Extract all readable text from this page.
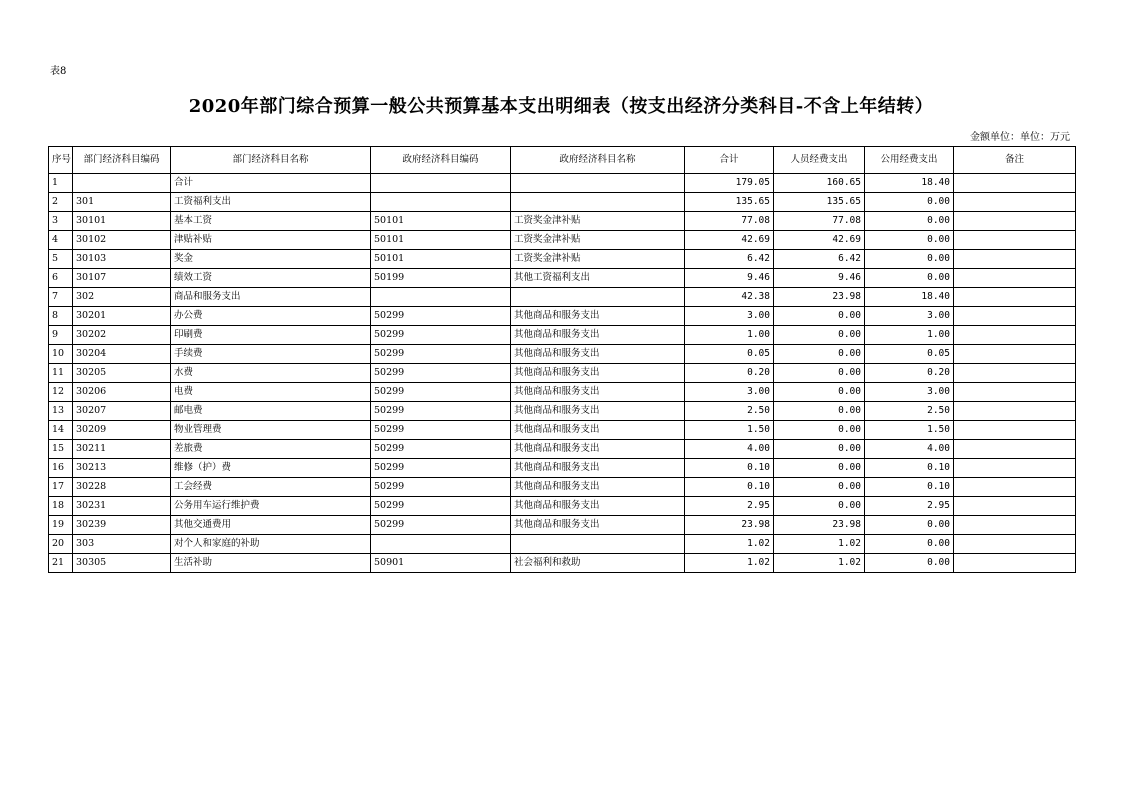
表8
2020年部门综合预算一般公共预算基本支出明细表（按支出经济分类科目-不含上年结转）
金额单位：单位：万元
序号	部门经济科目编码	部门经济科目名称	政府经济科目编码	政府经济科目名称	合计	人员经费支出	公用经费支出	备注
1		合计			179.05	160.65	18.40	
2	301	工资福利支出			135.65	135.65	0.00	
3	30101	基本工资	50101	工资奖金津补贴	77.08	77.08	0.00	
4	30102	津贴补贴	50101	工资奖金津补贴	42.69	42.69	0.00	
5	30103	奖金	50101	工资奖金津补贴	6.42	6.42	0.00	
6	30107	绩效工资	50199	其他工资福利支出	9.46	9.46	0.00	
7	302	商品和服务支出			42.38	23.98	18.40	
8	30201	办公费	50299	其他商品和服务支出	3.00	0.00	3.00	
9	30202	印刷费	50299	其他商品和服务支出	1.00	0.00	1.00	
10	30204	手续费	50299	其他商品和服务支出	0.05	0.00	0.05	
11	30205	水费	50299	其他商品和服务支出	0.20	0.00	0.20	
12	30206	电费	50299	其他商品和服务支出	3.00	0.00	3.00	
13	30207	邮电费	50299	其他商品和服务支出	2.50	0.00	2.50	
14	30209	物业管理费	50299	其他商品和服务支出	1.50	0.00	1.50	
15	30211	差旅费	50299	其他商品和服务支出	4.00	0.00	4.00	
16	30213	维修（护）费	50299	其他商品和服务支出	0.10	0.00	0.10	
17	30228	工会经费	50299	其他商品和服务支出	0.10	0.00	0.10	
18	30231	公务用车运行维护费	50299	其他商品和服务支出	2.95	0.00	2.95	
19	30239	其他交通费用	50299	其他商品和服务支出	23.98	23.98	0.00	
20	303	对个人和家庭的补助			1.02	1.02	0.00	
21	30305	生活补助	50901	社会福利和救助	1.02	1.02	0.00	
